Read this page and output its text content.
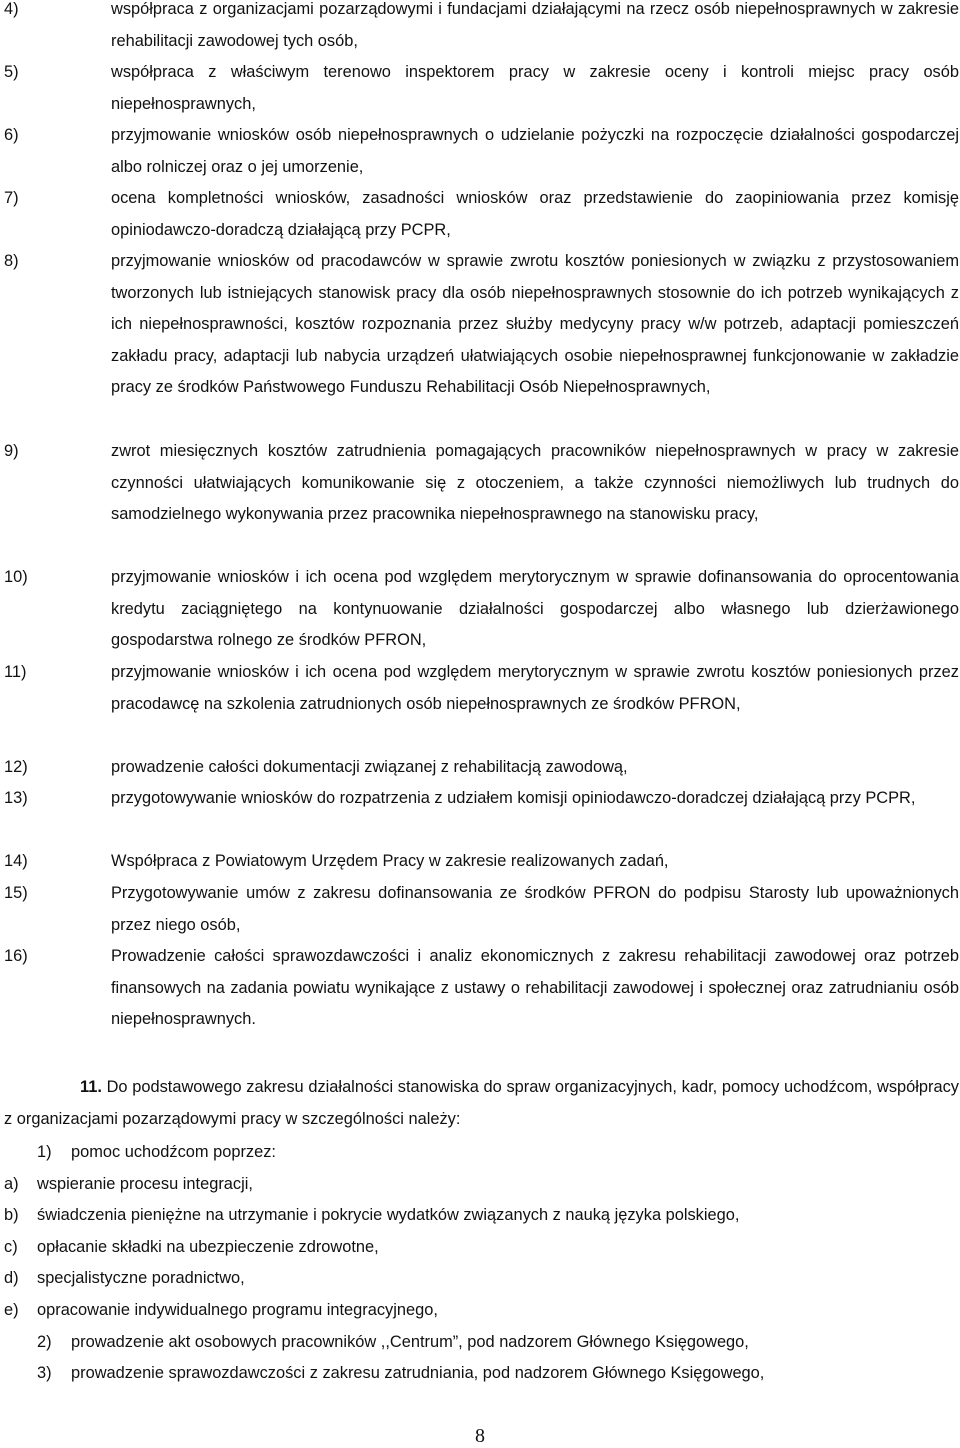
4)	współpraca z organizacjami pozarządowymi i fundacjami działającymi na rzecz osób niepełnosprawnych w zakresie rehabilitacji zawodowej tych osób,
5)	współpraca z właściwym terenowo inspektorem pracy w zakresie oceny i kontroli miejsc pracy osób niepełnosprawnych,
6)	przyjmowanie wniosków osób niepełnosprawnych o udzielanie pożyczki na rozpoczęcie działalności gospodarczej albo rolniczej oraz o jej umorzenie,
7)	ocena kompletności wniosków, zasadności wniosków oraz przedstawienie do zaopiniowania przez komisję opiniodawczo-doradczą działającą przy PCPR,
8)	przyjmowanie wniosków od pracodawców w sprawie zwrotu kosztów poniesionych w związku z przystosowaniem tworzonych lub istniejących stanowisk pracy dla osób niepełnosprawnych stosownie do ich potrzeb wynikających z ich niepełnosprawności, kosztów rozpoznania przez służby medycyny pracy w/w potrzeb, adaptacji pomieszczeń zakładu pracy, adaptacji lub nabycia urządzeń ułatwiających osobie niepełnosprawnej funkcjonowanie w zakładzie pracy ze środków Państwowego Funduszu Rehabilitacji Osób Niepełnosprawnych,
9)	zwrot miesięcznych kosztów zatrudnienia pomagających pracowników niepełnosprawnych w pracy w zakresie czynności ułatwiających komunikowanie się z otoczeniem, a także czynności niemożliwych lub trudnych do samodzielnego wykonywania przez pracownika niepełnosprawnego na stanowisku pracy,
10)	przyjmowanie wniosków i ich ocena pod względem merytorycznym w sprawie dofinansowania do oprocentowania kredytu zaciągniętego na kontynuowanie działalności gospodarczej albo własnego lub dzierżawionego gospodarstwa rolnego ze środków PFRON,
11)	przyjmowanie wniosków i ich ocena pod względem merytorycznym w sprawie zwrotu kosztów poniesionych przez pracodawcę na szkolenia zatrudnionych osób niepełnosprawnych ze środków PFRON,
12)	prowadzenie całości dokumentacji związanej z rehabilitacją zawodową,
13)	przygotowywanie wniosków do rozpatrzenia z udziałem komisji opiniodawczo-doradczej działającą przy PCPR,
14)	Współpraca z Powiatowym Urzędem Pracy w zakresie realizowanych zadań,
15)	Przygotowywanie umów z zakresu dofinansowania ze środków PFRON do podpisu Starosty lub upoważnionych przez niego osób,
16)	Prowadzenie całości sprawozdawczości i analiz ekonomicznych z zakresu rehabilitacji zawodowej oraz potrzeb finansowych na zadania powiatu wynikające z ustawy o rehabilitacji zawodowej i społecznej oraz zatrudnianiu osób niepełnosprawnych.
11. Do podstawowego zakresu działalności stanowiska do spraw organizacyjnych, kadr, pomocy uchodźcom, współpracy z organizacjami pozarządowymi pracy w szczególności należy:
1) pomoc uchodźcom poprzez:
a) wspieranie procesu integracji,
b) świadczenia pieniężne na utrzymanie i pokrycie wydatków związanych z nauką języka polskiego,
c) opłacanie składki na ubezpieczenie zdrowotne,
d) specjalistyczne poradnictwo,
e) opracowanie indywidualnego programu integracyjnego,
2) prowadzenie akt osobowych pracowników ,,Centrum”, pod nadzorem Głównego Księgowego,
3) prowadzenie sprawozdawczości z zakresu zatrudniania, pod nadzorem Głównego Księgowego,
8
